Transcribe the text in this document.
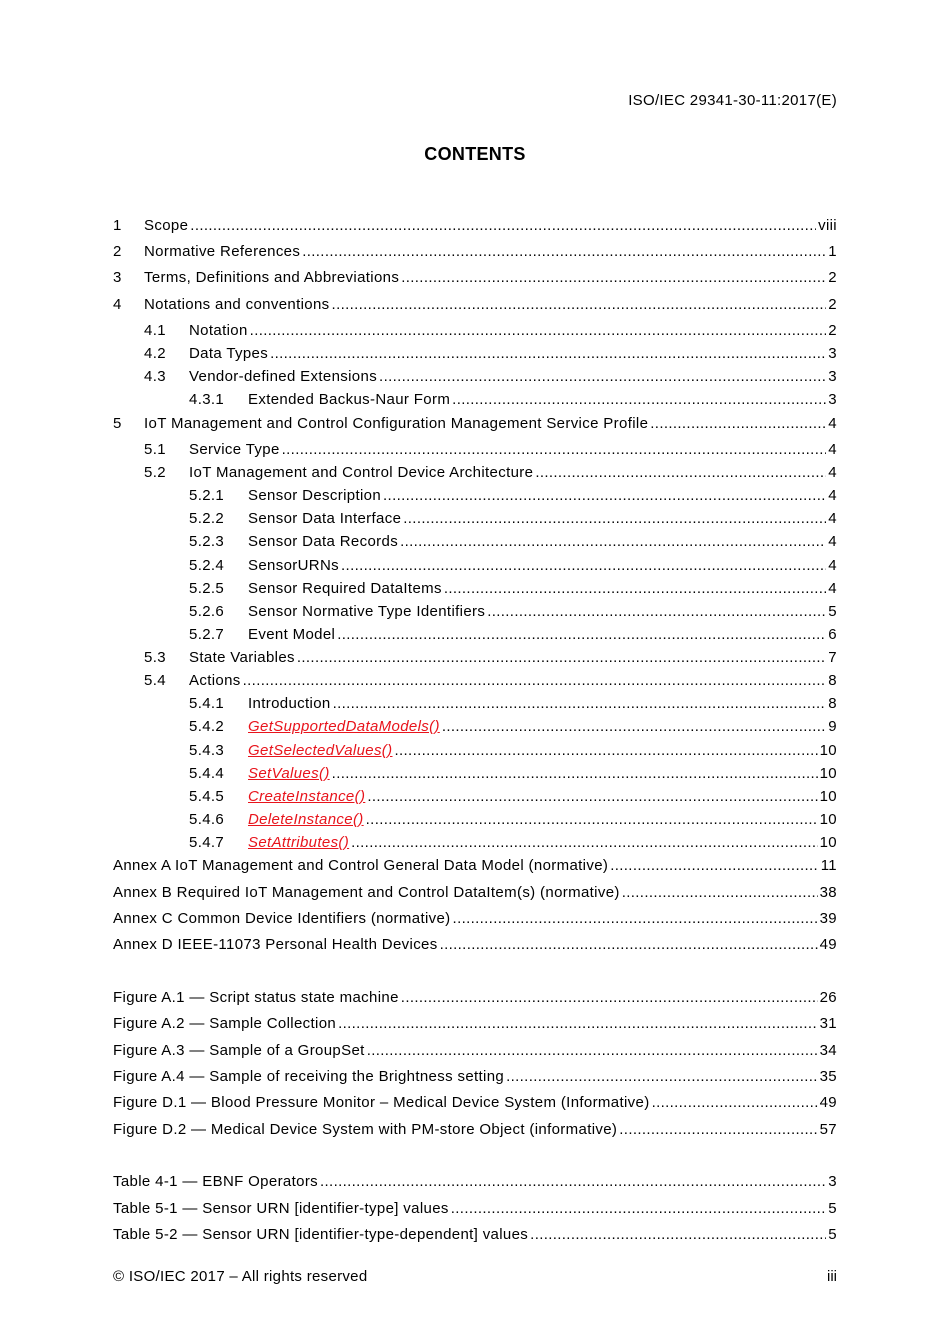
ISO/IEC 29341-30-11:2017(E)
CONTENTS
1	Scope .....	viii
2	Normative References .....	1
3	Terms, Definitions and Abbreviations .....	2
4	Notations and conventions .....	2
4.1	Notation .....	2
4.2	Data Types .....	3
4.3	Vendor-defined Extensions .....	3
4.3.1	Extended Backus-Naur Form .....	3
5	IoT Management and Control Configuration Management Service Profile .....	4
5.1	Service Type .....	4
5.2	IoT Management and Control Device Architecture .....	4
5.2.1	Sensor Description .....	4
5.2.2	Sensor Data Interface .....	4
5.2.3	Sensor Data Records .....	4
5.2.4	SensorURNs .....	4
5.2.5	Sensor Required DataItems .....	4
5.2.6	Sensor Normative Type Identifiers .....	5
5.2.7	Event Model .....	6
5.3	State Variables .....	7
5.4	Actions .....	8
5.4.1	Introduction .....	8
5.4.2	GetSupportedDataModels() .....	9
5.4.3	GetSelectedValues() .....	10
5.4.4	SetValues() .....	10
5.4.5	CreateInstance() .....	10
5.4.6	DeleteInstance() .....	10
5.4.7	SetAttributes() .....	10
Annex A IoT Management and Control General Data Model (normative) .....	11
Annex B Required IoT Management and Control DataItem(s) (normative) .....	38
Annex C Common Device Identifiers (normative) .....	39
Annex D IEEE-11073 Personal Health Devices .....	49
Figure A.1 — Script status state machine .....	26
Figure A.2 — Sample Collection .....	31
Figure A.3 — Sample of a GroupSet .....	34
Figure A.4 — Sample of receiving the Brightness setting .....	35
Figure D.1 — Blood Pressure Monitor – Medical Device System (Informative) .....	49
Figure D.2 — Medical Device System with PM-store Object (informative) .....	57
Table 4-1 — EBNF Operators .....	3
Table 5-1 — Sensor URN [identifier-type] values .....	5
Table 5-2 — Sensor URN [identifier-type-dependent] values .....	5
© ISO/IEC 2017 – All rights reserved	iii
